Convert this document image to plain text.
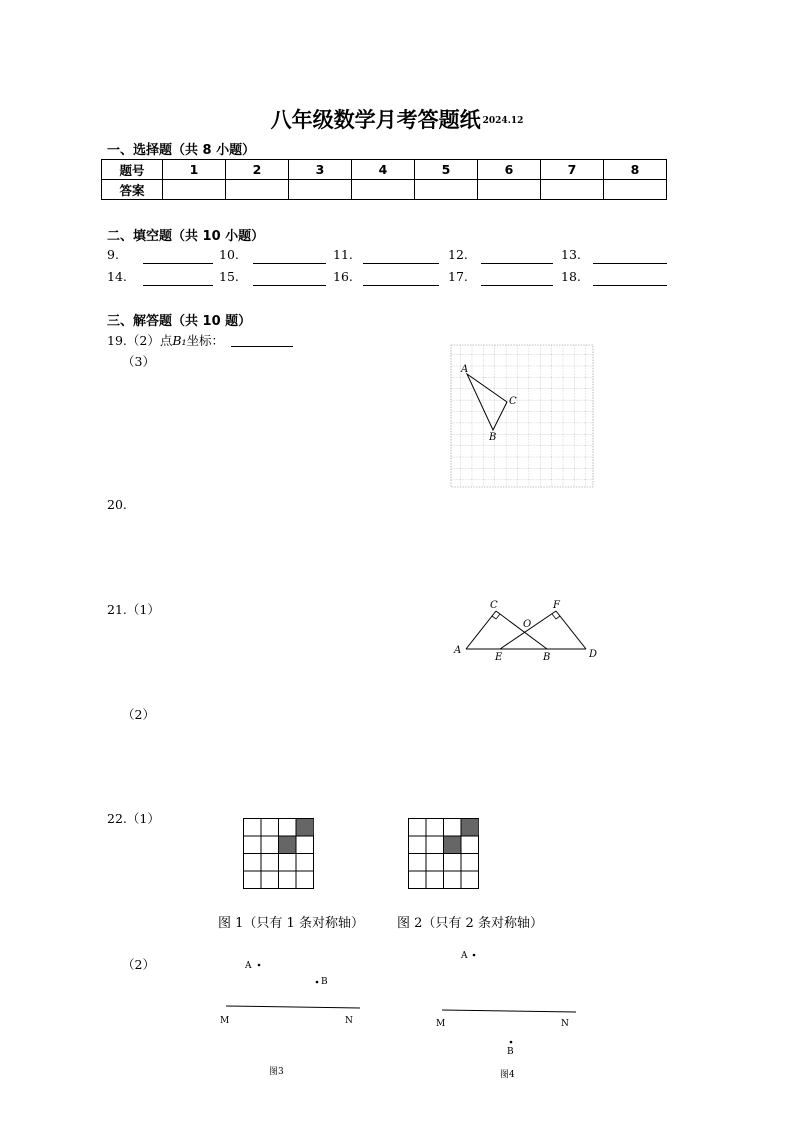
八年级数学月考答题纸 2024.12
一、选择题（共 8 小题）
题号	1	2	3	4	5	6	7	8
答案								
二、填空题（共 10 小题）
9.	10.	11.	12.	13.
14.	15.	16.	17.	18.
三、解答题（共 10 题）
19.（2）点B₁坐标：
（3）
A
C
B
20.
21.（1）	C	F
O
A
E	B	D
（2）
22.（1）
图 1（只有 1 条对称轴）	图 2（只有 2 条对称轴）
（2）	A
B
M	N
图3
A
M	N
B
图4
